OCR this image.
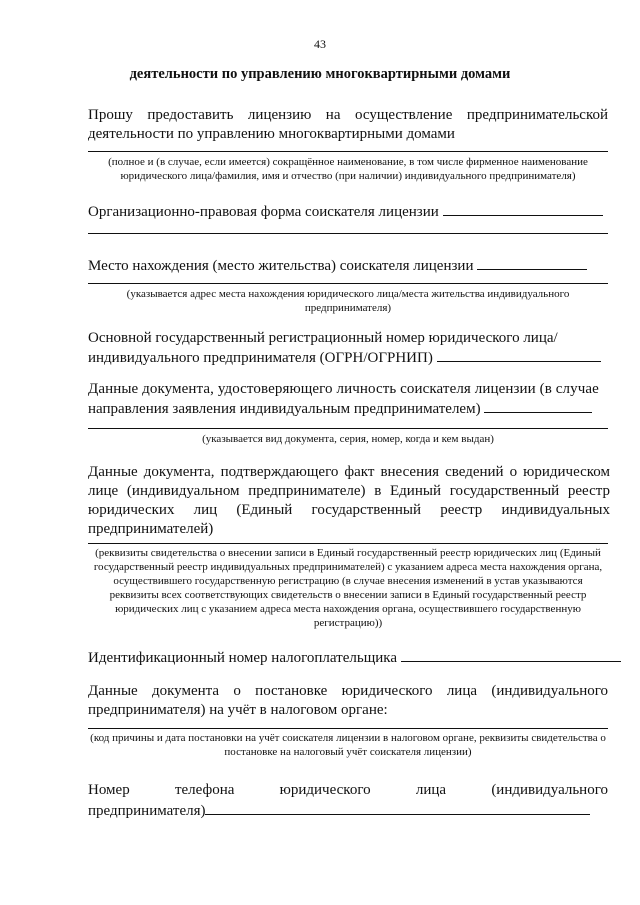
43
деятельности по управлению многоквартирными домами
Прошу предоставить лицензию на осуществление предпринимательской деятельности по управлению многоквартирными домами
(полное и (в случае, если имеется) сокращённое наименование, в том числе фирменное наименование юридического лица/фамилия, имя и отчество (при наличии) индивидуального предпринимателя)
Организационно-правовая форма соискателя лицензии
Место нахождения (место жительства) соискателя лицензии
(указывается адрес места нахождения юридического лица/места жительства индивидуального предпринимателя)
Основной государственный регистрационный номер юридического лица/
индивидуального предпринимателя (ОГРН/ОГРНИП)
Данные документа, удостоверяющего личность соискателя лицензии (в случае
направления заявления индивидуальным предпринимателем)
(указывается вид документа, серия, номер, когда и кем выдан)
Данные документа, подтверждающего факт внесения сведений о юридическом лице (индивидуальном предпринимателе) в Единый государственный реестр юридических лиц (Единый государственный реестр индивидуальных предпринимателей)
(реквизиты свидетельства о внесении записи в Единый государственный реестр юридических лиц (Единый государственный реестр индивидуальных предпринимателей) с указанием адреса места нахождения органа, осуществившего государственную регистрацию (в случае внесения изменений в устав указываются реквизиты всех соответствующих свидетельств о внесении записи в Единый государственный реестр юридических лиц с указанием адреса места нахождения органа, осуществившего государственную регистрацию))
Идентификационный номер налогоплательщика
Данные документа о постановке юридического лица (индивидуального предпринимателя) на учёт в налоговом органе:
(код причины и дата постановки на учёт соискателя лицензии в налоговом органе, реквизиты свидетельства о постановке на налоговый учёт соискателя лицензии)
Номер телефона юридического лица (индивидуального
предпринимателя)
